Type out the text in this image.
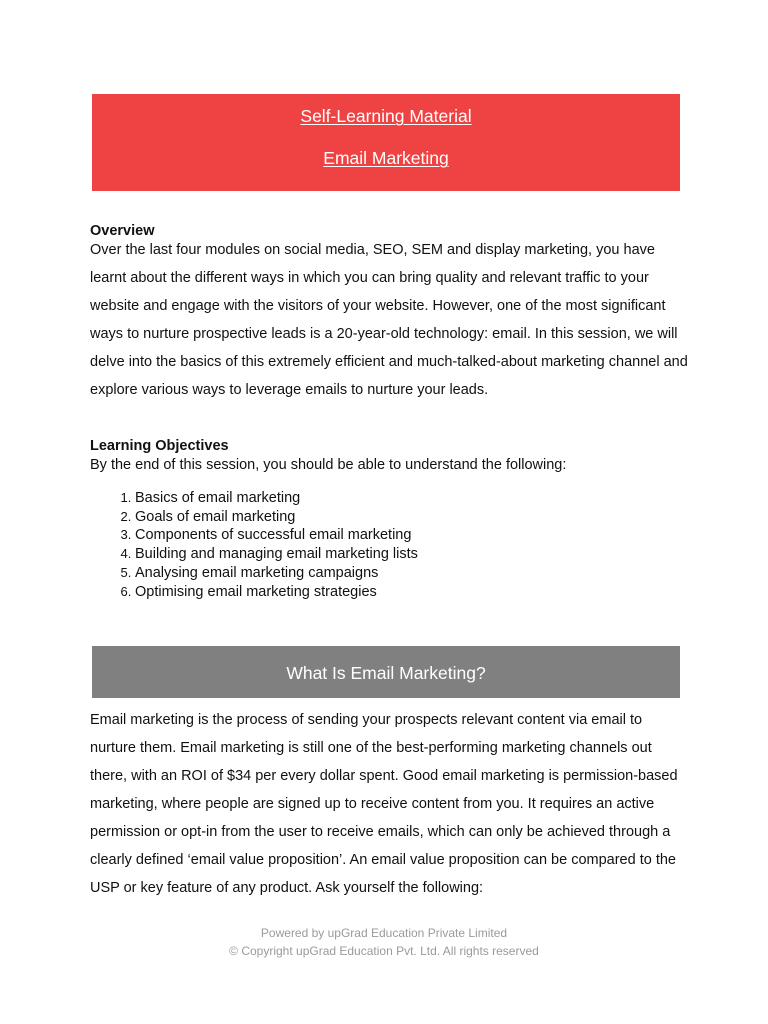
Self-Learning Material
Email Marketing
Overview
Over the last four modules on social media, SEO, SEM and display marketing, you have learnt about the different ways in which you can bring quality and relevant traffic to your website and engage with the visitors of your website. However, one of the most significant ways to nurture prospective leads is a 20-year-old technology: email. In this session, we will delve into the basics of this extremely efficient and much-talked-about marketing channel and explore various ways to leverage emails to nurture your leads.
Learning Objectives
By the end of this session, you should be able to understand the following:
1. Basics of email marketing
2. Goals of email marketing
3. Components of successful email marketing
4. Building and managing email marketing lists
5. Analysing email marketing campaigns
6. Optimising email marketing strategies
What Is Email Marketing?
Email marketing is the process of sending your prospects relevant content via email to nurture them. Email marketing is still one of the best-performing marketing channels out there, with an ROI of $34 per every dollar spent. Good email marketing is permission-based marketing, where people are signed up to receive content from you. It requires an active permission or opt-in from the user to receive emails, which can only be achieved through a clearly defined ‘email value proposition’. An email value proposition can be compared to the USP or key feature of any product. Ask yourself the following:
Powered by upGrad Education Private Limited
© Copyright upGrad Education Pvt. Ltd. All rights reserved
